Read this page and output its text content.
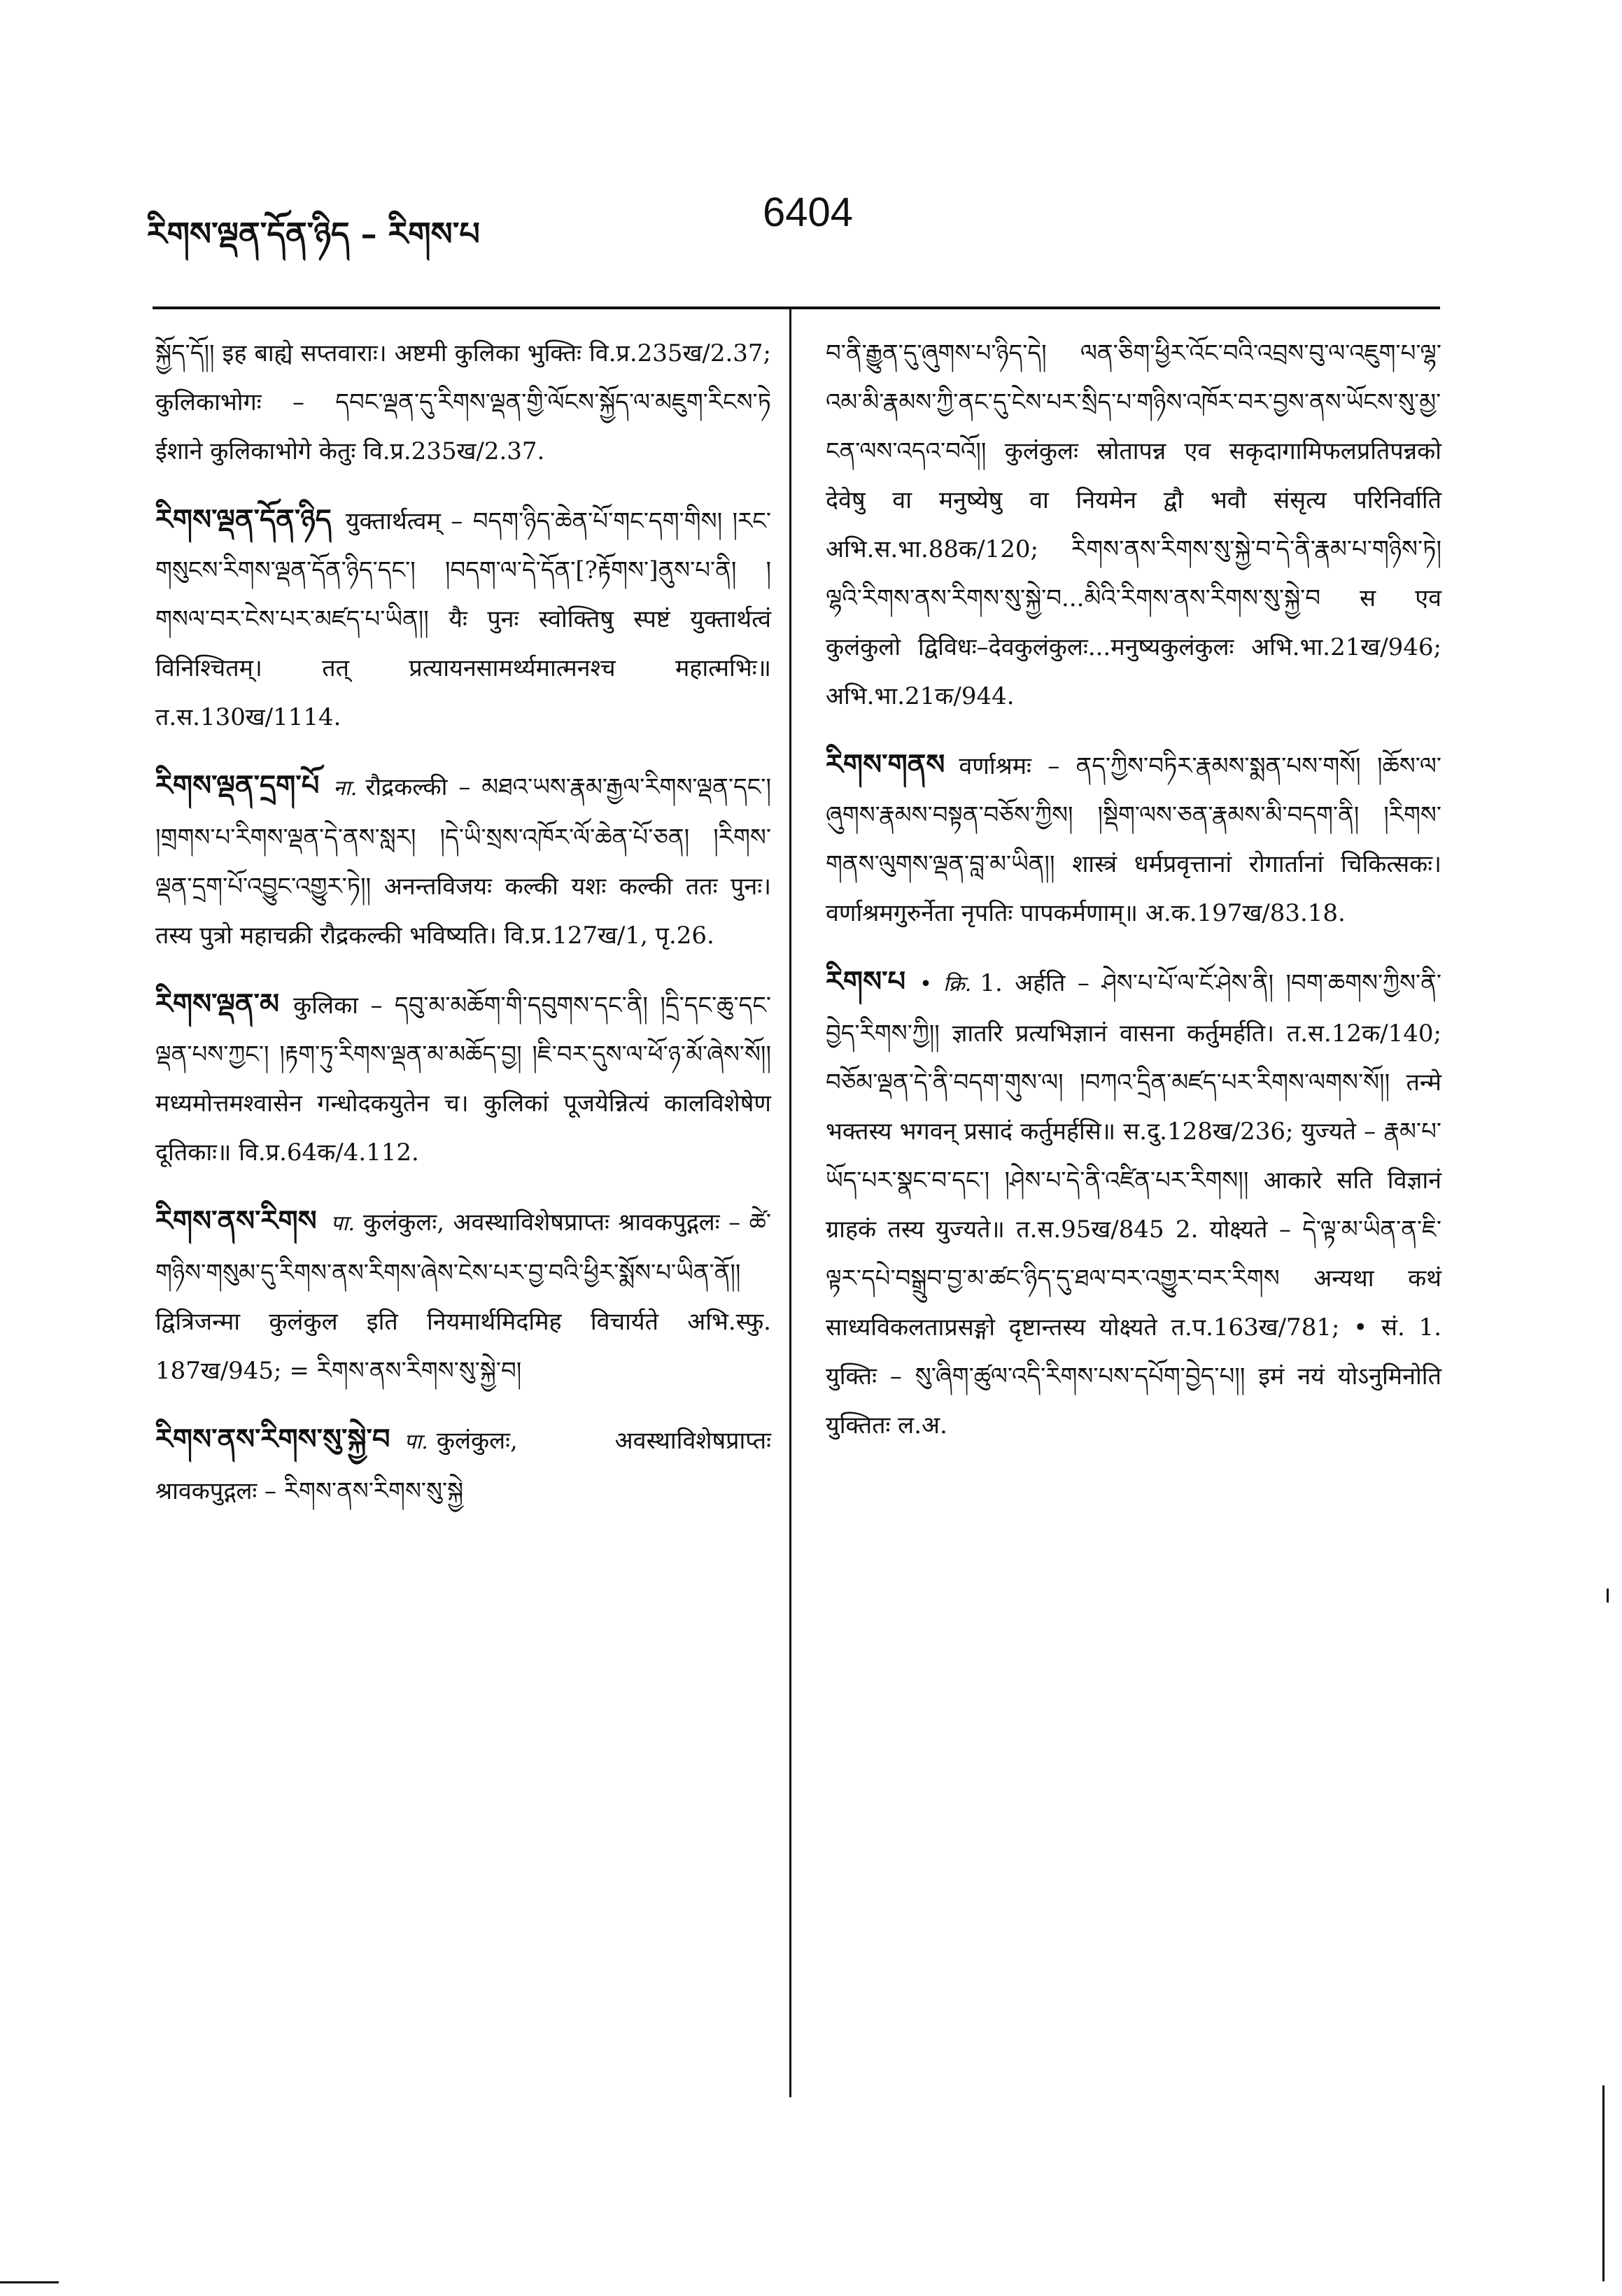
རིགས་ལྡན་དོན་ཉིད – རིགས་པ	6404

སྐྱོད་དོ།། इह बाह्ये सप्तवाराः। अष्टमी कुलिका भुक्तिः वि.प्र.235ख/2.37; कुलिकाभोगः – དབང་ལྡན་དུ་རིགས་ལྡན་གྱི་ལོངས་སྐྱོད་ལ་མཇུག་རིངས་ཏེ ईशाने कुलिकाभोगे केतुः वि.प्र.235ख/2.37.

རིགས་ལྡན་དོན་ཉིད युक्तार्थत्वम् – བདག་ཉིད་ཆེན་པོ་གང་དག་གིས། །རང་གསུངས་རིགས་ལྡན་དོན་ཉིད་དང་། །བདག་ལ་དེ་དོན་[?རྟོགས་]ནུས་པ་ནི། །གསལ་བར་ངེས་པར་མཛད་པ་ཡིན།། यैः पुनः स्वोक्तिषु स्पष्टं युक्तार्थत्वं विनिश्चितम्। तत् प्रत्यायनसामर्थ्यमात्मनश्च महात्मभिः॥ त.स.130ख/1114.

རིགས་ལྡན་དྲག་པོ ना. रौद्रकल्की – མཐའ་ཡས་རྣམ་རྒྱལ་རིགས་ལྡན་དང་། །གྲགས་པ་རིགས་ལྡན་དེ་ནས་སླར། །དེ་ཡི་སྲས་འཁོར་ལོ་ཆེན་པོ་ཅན། །རིགས་ལྡན་དྲག་པོ་འབྱུང་འགྱུར་ཏེ།། अनन्तविजयः कल्की यशः कल्की ततः पुनः। तस्य पुत्रो महाचक्री रौद्रकल्की भविष्यति। वि.प्र.127ख/1, पृ.26.

རིགས་ལྡན་མ कुलिका – དབུ་མ་མཆོག་གི་དབུགས་དང་ནི། །དྲི་དང་ཆུ་དང་ལྡན་པས་ཀྱང་། །རྟག་ཏུ་རིགས་ལྡན་མ་མཆོད་བྱ། །ཇི་བར་དུས་ལ་ཕོ་ཉ་མོ་ཞེས་སོ།། मध्यमोत्तमश्वासेन गन्धोदकयुतेन च। कुलिकां पूजयेन्नित्यं कालविशेषेण दूतिकाः॥ वि.प्र.64क/4.112.

རིགས་ནས་རིགས पा. कुलंकुलः, अवस्थाविशेषप्राप्तः श्रावकपुद्गलः – ཚེ་གཉིས་གསུམ་དུ་རིགས་ནས་རིགས་ཞེས་ངེས་པར་བྱ་བའི་ཕྱིར་སྨོས་པ་ཡིན་ནོ།། द्वित्रिजन्मा कुलंकुल इति नियमार्थमिदमिह विचार्यते अभि.स्फु. 187ख/945; = རིགས་ནས་རིགས་སུ་སྐྱེ་བ།

རིགས་ནས་རིགས་སུ་སྐྱེ་བ पा. कुलंकुलः, अवस्थाविशेषप्राप्तः श्रावकपुद्गलः – རིགས་ནས་རིགས་སུ་སྐྱེ

བ་ནི་རྒྱུན་དུ་ཞུགས་པ་ཉིད་དེ། ལན་ཅིག་ཕྱིར་འོང་བའི་འབྲས་བུ་ལ་འཇུག་པ་ལྷ་འམ་མི་རྣམས་ཀྱི་ནང་དུ་ངེས་པར་སྲིད་པ་གཉིས་འཁོར་བར་བྱས་ནས་ཡོངས་སུ་མྱ་ངན་ལས་འདའ་བའོ།། कुलंकुलः स्रोतापन्न एव सकृदागामिफलप्रतिपन्नको देवेषु वा मनुष्येषु वा नियमेन द्वौ भवौ संसृत्य परिनिर्वाति अभि.स.भा.88क/120; རིགས་ནས་རིགས་སུ་སྐྱེ་བ་དེ་ནི་རྣམ་པ་གཉིས་ཏེ། ལྷའི་རིགས་ནས་རིགས་སུ་སྐྱེ་བ...མིའི་རིགས་ནས་རིགས་སུ་སྐྱེ་བ स एव कुलंकुलो द्विविधः–देवकुलंकुलः...मनुष्यकुलंकुलः अभि.भा.21ख/946; अभि.भा.21क/944.

རིགས་གནས वर्णाश्रमः – ནད་ཀྱིས་བཏིར་རྣམས་སྨན་པས་གསོ། །ཆོས་ལ་ཞུགས་རྣམས་བསྟན་བཅོས་ཀྱིས། །སྡིག་ལས་ཅན་རྣམས་མི་བདག་ནི། །རིགས་གནས་ལུགས་ལྡན་བླ་མ་ཡིན།། शास्त्रं धर्मप्रवृत्तानां रोगार्तानां चिकित्सकः। वर्णाश्रमगुरुर्नेता नृपतिः पापकर्मणाम्॥ अ.क.197ख/83.18.

རིགས་པ • क्रि. 1. अर्हति – ཤེས་པ་པོ་ལ་ངོ་ཤེས་ནི། །བག་ཆགས་ཀྱིས་ནི་བྱེད་རིགས་ཀྱི།། ज्ञातरि प्रत्यभिज्ञानं वासना कर्तुमर्हति। त.स.12क/140; བཅོམ་ལྡན་དེ་ནི་བདག་གུས་ལ། །བཀའ་དྲིན་མཛད་པར་རིགས་ལགས་སོ།། तन्मे भक्तस्य भगवन् प्रसादं कर्तुमर्हसि॥ स.दु.128ख/236; युज्यते – རྣམ་པ་ཡོད་པར་སྣང་བ་དང་། །ཤེས་པ་དེ་ནི་འཛིན་པར་རིགས།། आकारे सति विज्ञानं ग्राहकं तस्य युज्यते॥ त.स.95ख/845 2. योक्ष्यते – དེ་ལྟ་མ་ཡིན་ན་ཇི་ལྟར་དཔེ་བསྒྲུབ་བྱ་མ་ཚང་ཉིད་དུ་ཐལ་བར་འགྱུར་བར་རིགས अन्यथा कथं साध्यविकलताप्रसङ्गो दृष्टान्तस्य योक्ष्यते त.प.163ख/781; • सं. 1. युक्तिः – སུ་ཞིག་ཚུལ་འདི་རིགས་པས་དཔོག་བྱེད་པ།། इमं नयं योऽनुमिनोति युक्तितः ल.अ.
